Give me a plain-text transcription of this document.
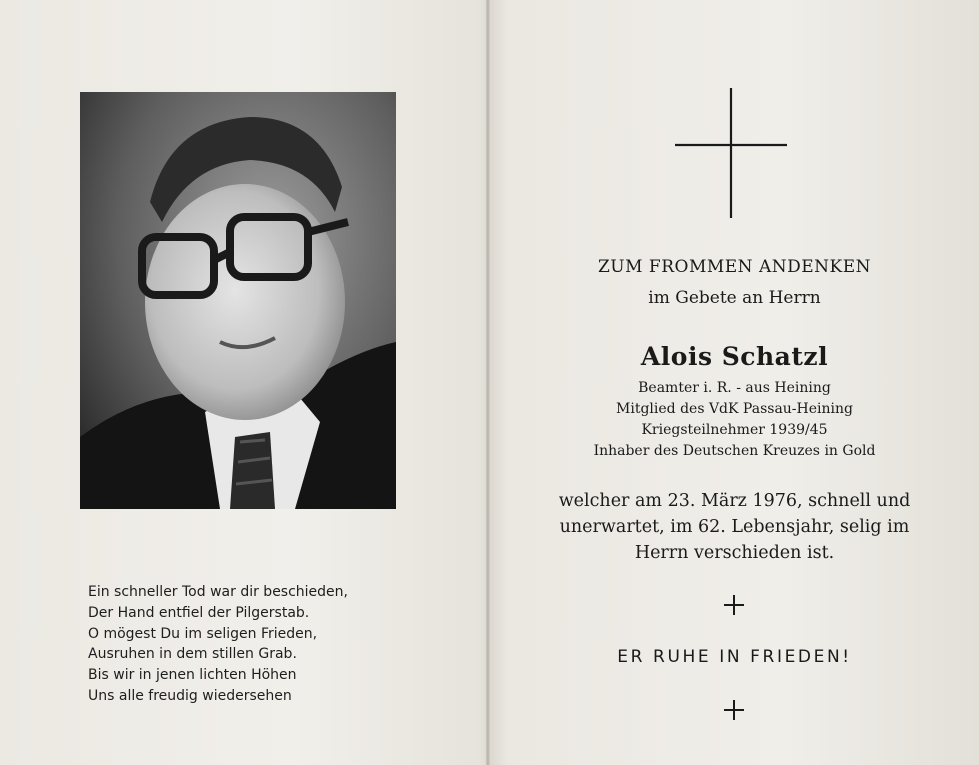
Ein schneller Tod war dir beschieden,
Der Hand entfiel der Pilgerstab.
O mögest Du im seligen Frieden,
Ausruhen in dem stillen Grab.
Bis wir in jenen lichten Höhen
Uns alle freudig wiedersehen
ZUM FROMMEN ANDENKEN
im Gebete an Herrn
Alois Schatzl
Beamter i. R. - aus Heining
Mitglied des VdK Passau-Heining
Kriegsteilnehmer 1939/45
Inhaber des Deutschen Kreuzes in Gold
welcher am 23. März 1976, schnell und
unerwartet, im 62. Lebensjahr, selig im
Herrn verschieden ist.
ER RUHE IN FRIEDEN!
